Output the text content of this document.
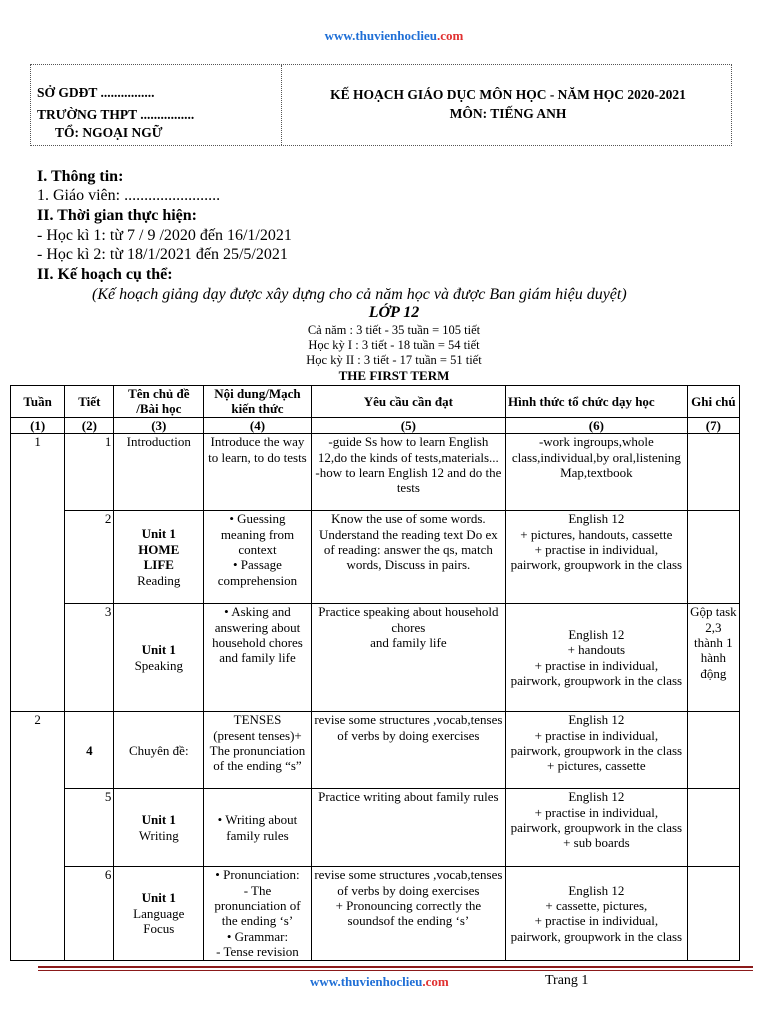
www.thuvienhoclieu.com
SỞ GDĐT ................
TRƯỜNG THPT ................
TỔ: NGOẠI NGỮ
KẾ HOẠCH GIÁO DỤC MÔN HỌC - NĂM HỌC 2020-2021
MÔN: TIẾNG ANH
I. Thông tin:
1. Giáo viên: ........................
II. Thời gian thực hiện:
- Học kì 1: từ 7 / 9 /2020 đến 16/1/2021
- Học kì 2: từ 18/1/2021 đến 25/5/2021
II. Kế hoạch cụ thể:
(Kế hoạch giảng dạy được xây dựng cho cả năm học và được Ban giám hiệu duyệt)
LỚP 12
Cả năm : 3 tiết - 35 tuần = 105 tiết
Học kỳ I : 3 tiết - 18 tuần = 54 tiết
Học kỳ II : 3 tiết - 17 tuần = 51 tiết
THE FIRST TERM
Tuần	Tiết	Tên chủ đề /Bài học	Nội dung/Mạch kiến thức	Yêu cầu cần đạt	Hình thức tổ chức dạy học	Ghi chú
(1)	(2)	(3)	(4)	(5)	(6)	(7)
1	1	Introduction	Introduce the way to learn, to do tests	-guide Ss how to learn English 12,do the kinds of tests,materials...
-how to learn English 12 and do the tests	-work ingroups,whole class,individual,by oral,listening
Map,textbook	
	2	Unit 1
HOME
LIFE
Reading	• Guessing meaning from context
• Passage comprehension	Know the use of some words. Understand the reading text Do ex of reading: answer the qs, match words, Discuss in pairs.	English 12
+ pictures, handouts, cassette
+ practise in individual, pairwork, groupwork in the class	
	3	Unit 1
Speaking	• Asking and answering about household chores
and family life	Practice speaking about household chores
and family life	English 12
+ handouts
+ practise in individual, pairwork, groupwork in the class	Gộp task 2,3 thành 1 hành động
2	4	Chuyên đề:	TENSES
(present tenses)+ The pronunciation of the ending “s”	revise some structures ,vocab,tenses of verbs by doing exercises	English 12
+ practise in individual, pairwork, groupwork in the class
+ pictures, cassette	
	5	Unit 1
Writing	• Writing about family rules	Practice writing about family rules	English 12
+ practise in individual, pairwork, groupwork in the class
+ sub boards	
	6	Unit 1
Language Focus	• Pronunciation:
- The pronunciation of the ending ‘s’
• Grammar:
- Tense revision	revise some structures ,vocab,tenses of verbs by doing exercises
+ Pronouncing correctly the soundsof the ending ‘s’	English 12
+ cassette, pictures,
+ practise in individual, pairwork, groupwork in the class	
www.thuvienhoclieu.com	Trang 1
